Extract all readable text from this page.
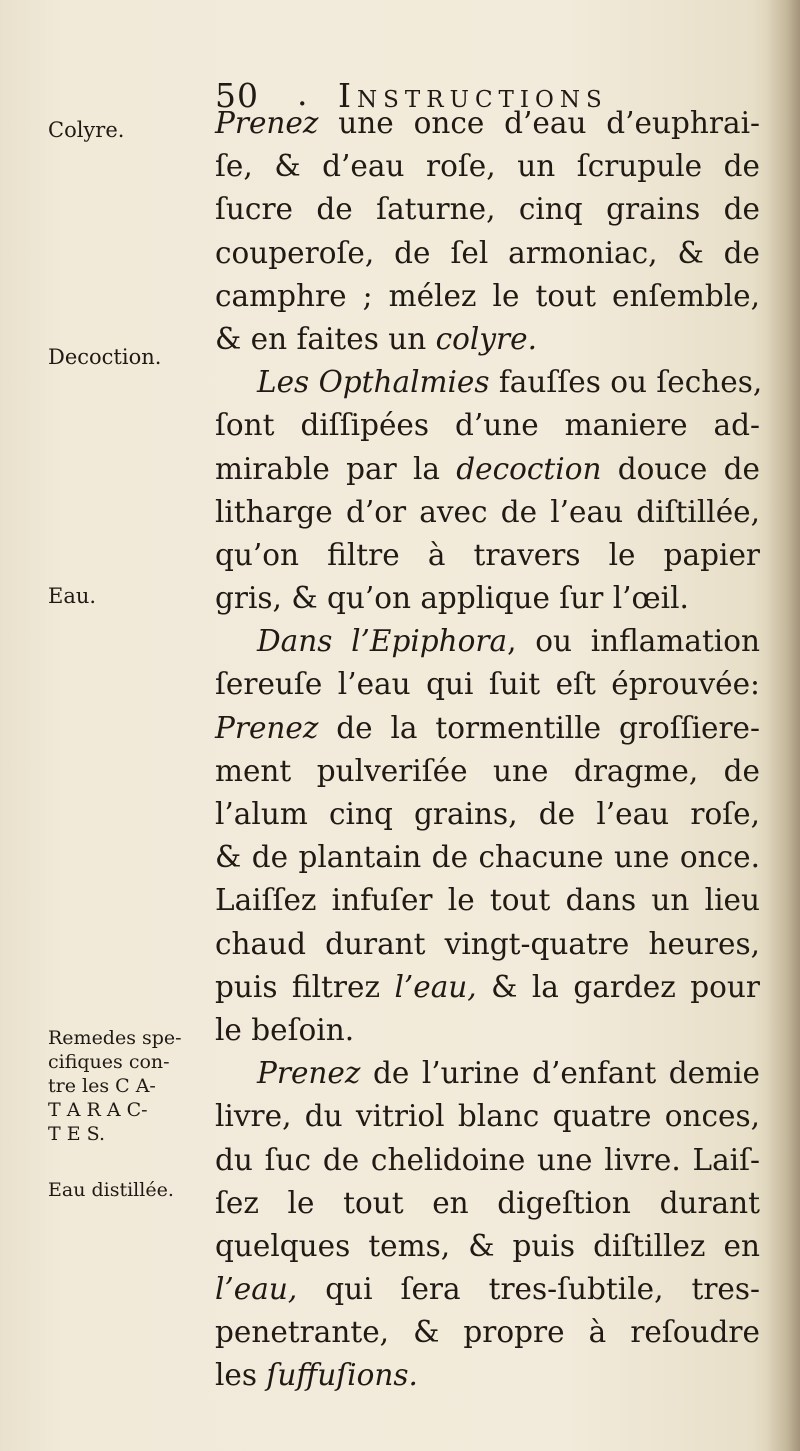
50 . Instructions
Colyre.
Decoction.
Eau.
Remedes spe-
cifiques con-
tre les C A-
T A R A C-
T E S.
Eau distillée.
Prenez une once d’eau d’euphrai-
ſe, & d’eau roſe, un ſcrupule de
ſucre de ſaturne, cinq grains de
couperoſe, de ſel armoniac, & de
camphre ; mélez le tout enſemble,
& en faites un colyre.
Les Opthalmies fauſſes ou ſeches,
ſont diſſipées d’une maniere ad-
mirable par la decoction douce de
litharge d’or avec de l’eau diſtillée,
qu’on filtre à travers le papier
gris, & qu’on applique ſur l’œil.
Dans l’Epiphora, ou inflamation
ſereuſe l’eau qui ſuit eſt éprouvée:
Prenez de la tormentille groſſiere-
ment pulveriſée une dragme, de
l’alum cinq grains, de l’eau roſe,
& de plantain de chacune une once.
Laiſſez infuſer le tout dans un lieu
chaud durant vingt-quatre heures,
puis filtrez l’eau, & la gardez pour
le beſoin.
Prenez de l’urine d’enfant demie
livre, du vitriol blanc quatre onces,
du ſuc de chelidoine une livre. Laiſ-
ſez le tout en digeſtion durant
quelques tems, & puis diſtillez en
l’eau, qui ſera tres-ſubtile, tres-
penetrante, & propre à reſoudre
les ſuffuſions.
